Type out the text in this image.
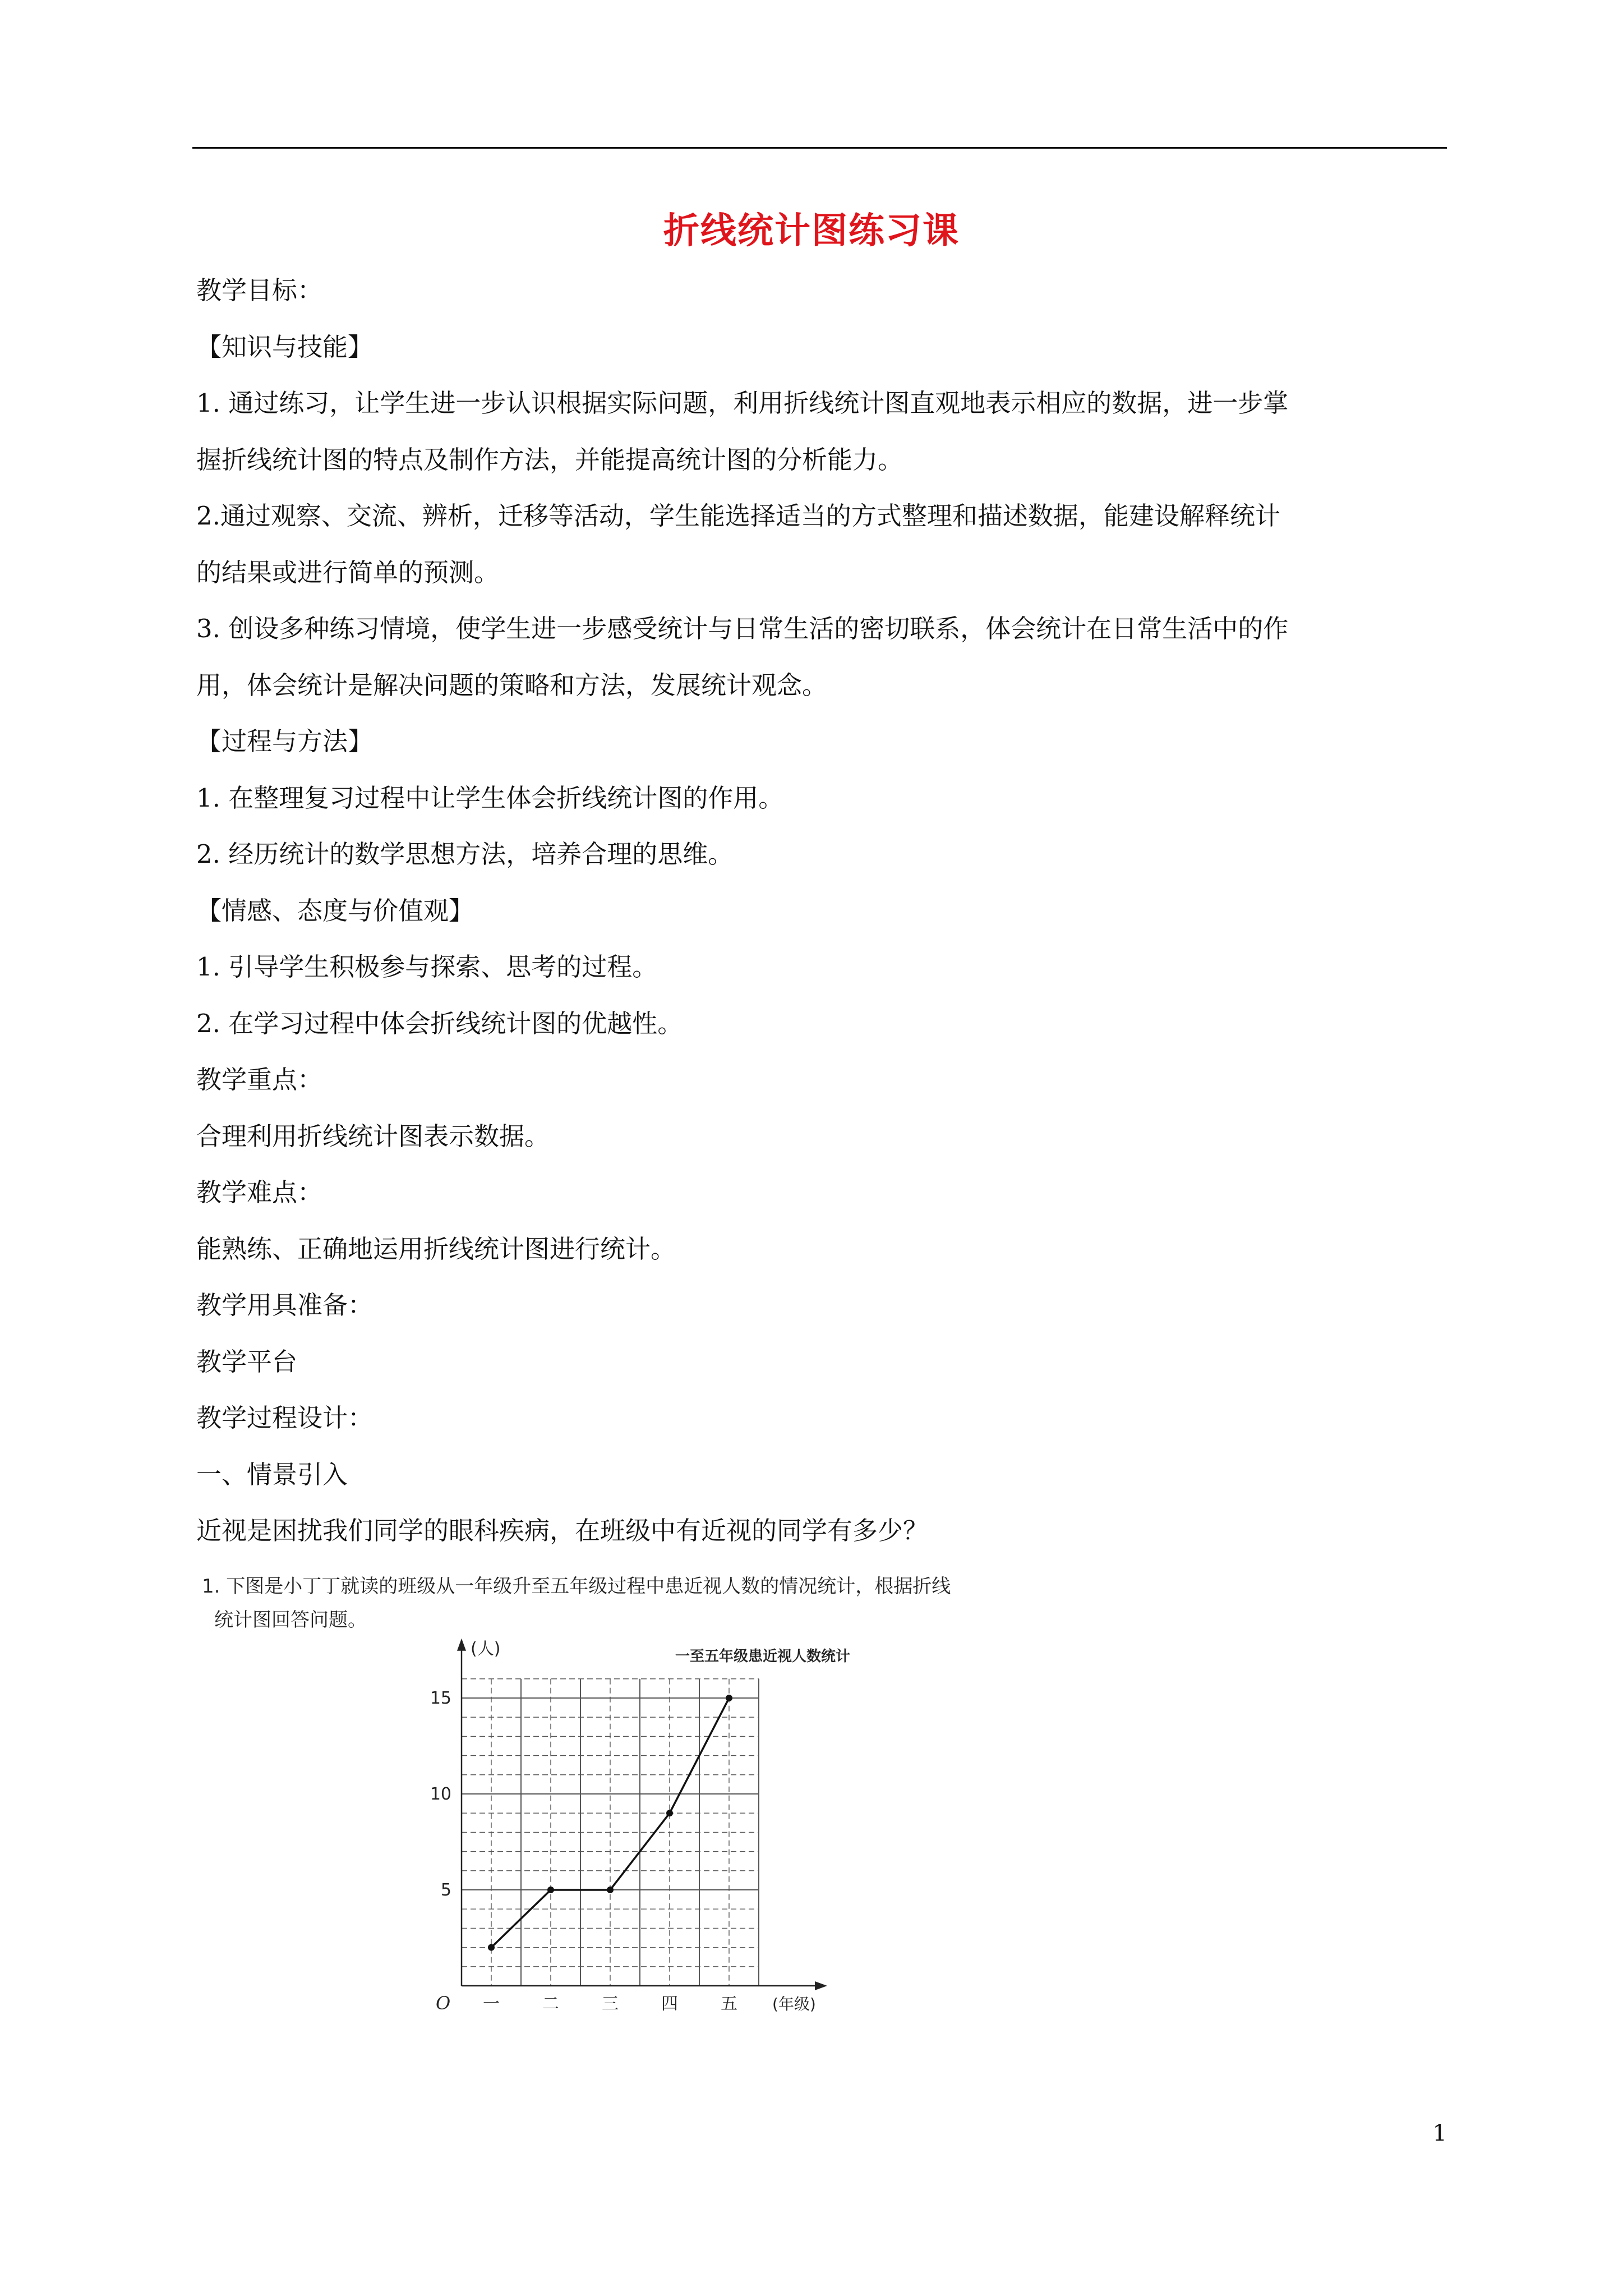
折线统计图练习课
教学目标：
【知识与技能】
1. 通过练习，让学生进一步认识根据实际问题，利用折线统计图直观地表示相应的数据，进一步掌
握折线统计图的特点及制作方法，并能提高统计图的分析能力。
2.通过观察、交流、辨析，迁移等活动，学生能选择适当的方式整理和描述数据，能建设解释统计
的结果或进行简单的预测。
3. 创设多种练习情境，使学生进一步感受统计与日常生活的密切联系，体会统计在日常生活中的作
用，体会统计是解决问题的策略和方法，发展统计观念。
【过程与方法】
1. 在整理复习过程中让学生体会折线统计图的作用。
2. 经历统计的数学思想方法，培养合理的思维。
【情感、态度与价值观】
1. 引导学生积极参与探索、思考的过程。
2. 在学习过程中体会折线统计图的优越性。
教学重点：
合理利用折线统计图表示数据。
教学难点：
能熟练、正确地运用折线统计图进行统计。
教学用具准备：
教学平台
教学过程设计：
一、情景引入
近视是困扰我们同学的眼科疾病，在班级中有近视的同学有多少？
1. 下图是小丁丁就读的班级从一年级升至五年级过程中患近视人数的情况统计，根据折线
统计图回答问题。
一至五年级患近视人数统计
(人)
O
5
10
15
一	二	三	四	五 (年级)
1
